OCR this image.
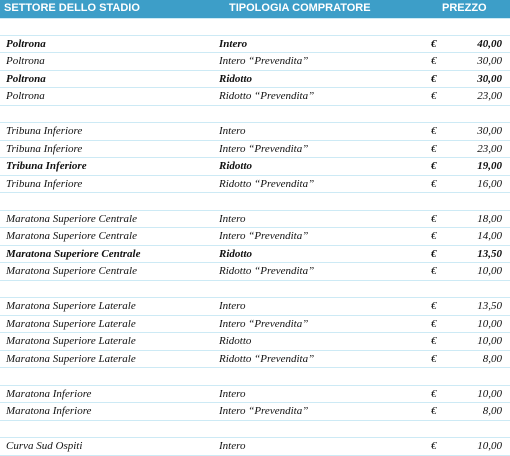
SETTORE DELLO STADIO	TIPOLOGIA COMPRATORE	PREZZO
Poltrona	Intero	€	40,00
Poltrona	Intero “Prevendita”	€	30,00
Poltrona	Ridotto	€	30,00
Poltrona	Ridotto “Prevendita”	€	23,00
Tribuna Inferiore	Intero	€	30,00
Tribuna Inferiore	Intero “Prevendita”	€	23,00
Tribuna Inferiore	Ridotto	€	19,00
Tribuna Inferiore	Ridotto “Prevendita”	€	16,00
Maratona Superiore Centrale	Intero	€	18,00
Maratona Superiore Centrale	Intero “Prevendita”	€	14,00
Maratona Superiore Centrale	Ridotto	€	13,50
Maratona Superiore Centrale	Ridotto “Prevendita”	€	10,00
Maratona Superiore Laterale	Intero	€	13,50
Maratona Superiore Laterale	Intero “Prevendita”	€	10,00
Maratona Superiore Laterale	Ridotto	€	10,00
Maratona Superiore Laterale	Ridotto “Prevendita”	€	8,00
Maratona Inferiore	Intero	€	10,00
Maratona Inferiore	Intero “Prevendita”	€	8,00
Curva Sud Ospiti	Intero	€	10,00
